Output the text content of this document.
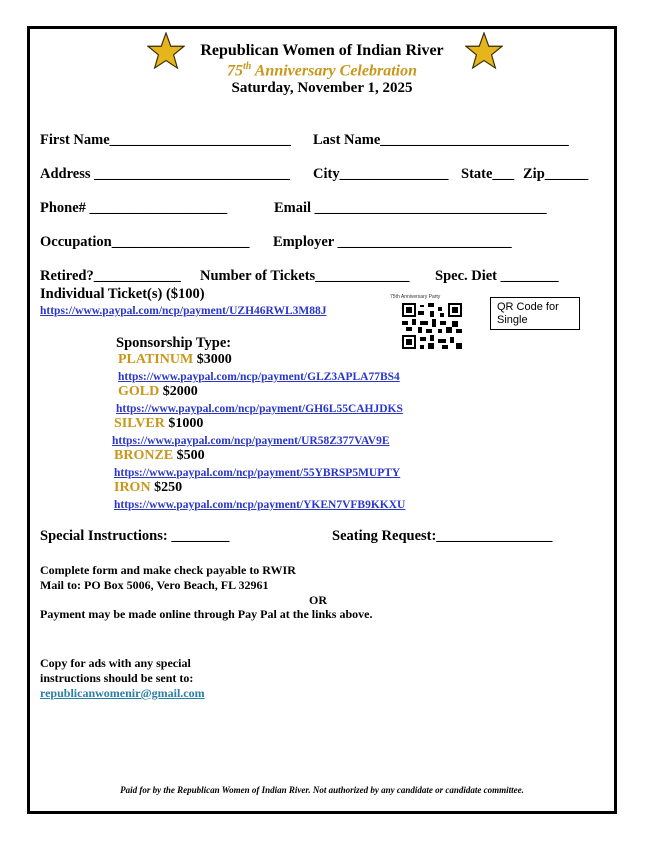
Republican Women of Indian River
75th Anniversary Celebration
Saturday, November 1, 2025
First Name_________________________ Last Name__________________________
Address ___________________________ City_______________ State___ Zip______
Phone# ___________________	Email ________________________________
Occupation___________________ Employer ________________________
Retired?____________ Number of Tickets_____________ Spec. Diet ________
Individual Ticket(s) ($100)
https://www.paypal.com/ncp/payment/UZH46RWL3M88J
75th Anniversary Party
QR Code for Single
Sponsorship Type:
PLATINUM $3000
https://www.paypal.com/ncp/payment/GLZ3APLA77BS4
GOLD $2000
https://www.paypal.com/ncp/payment/GH6L55CAHJDKS
SILVER $1000
https://www.paypal.com/ncp/payment/UR58Z377VAV9E
BRONZE $500
https://www.paypal.com/ncp/payment/55YBRSP5MUPTY
IRON $250
https://www.paypal.com/ncp/payment/YKEN7VFB9KKXU
Special Instructions: ________	Seating Request:________________
Complete form and make check payable to RWIR
Mail to: PO Box 5006, Vero Beach, FL 32961
OR
Payment may be made online through Pay Pal at the links above.
Copy for ads with any special
instructions should be sent to:
republicanwomenir@gmail.com
Paid for by the Republican Women of Indian River. Not authorized by any candidate or candidate committee.
